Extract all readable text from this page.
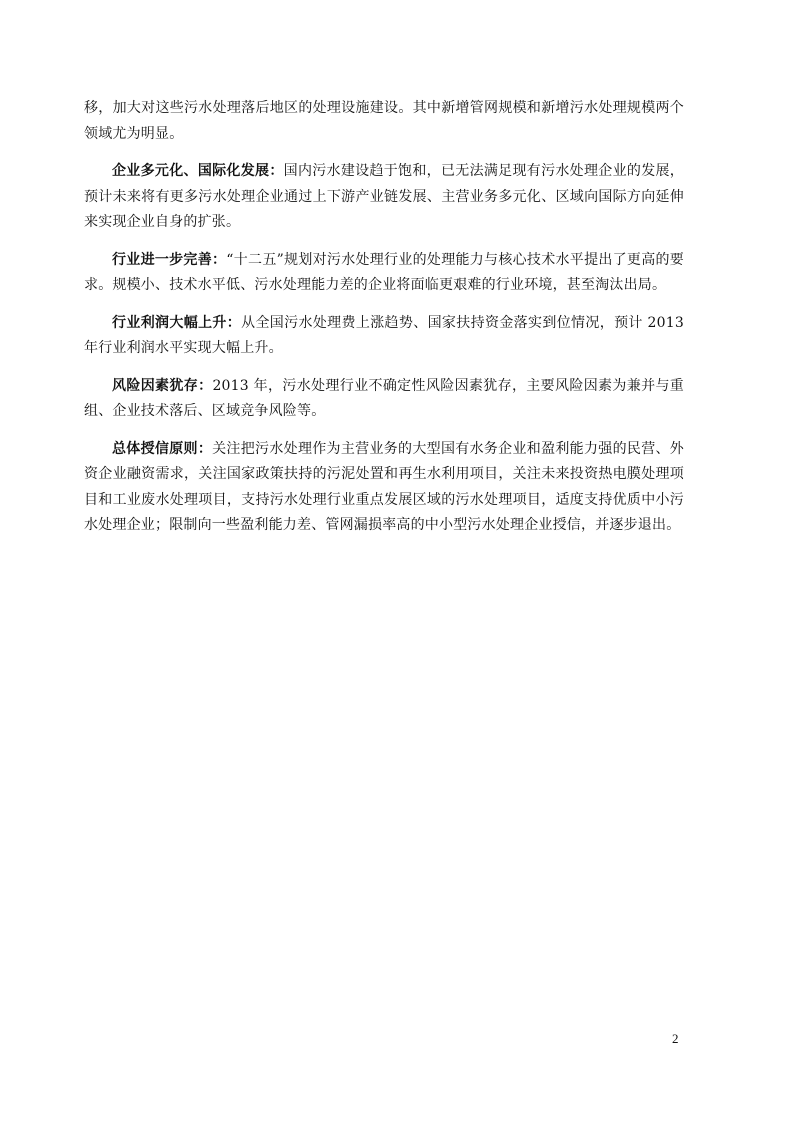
移，加大对这些污水处理落后地区的处理设施建设。其中新增管网规模和新增污水处理规模两个领域尤为明显。

企业多元化、国际化发展：国内污水建设趋于饱和，已无法满足现有污水处理企业的发展，预计未来将有更多污水处理企业通过上下游产业链发展、主营业务多元化、区域向国际方向延伸来实现企业自身的扩张。

行业进一步完善：“十二五”规划对污水处理行业的处理能力与核心技术水平提出了更高的要求。规模小、技术水平低、污水处理能力差的企业将面临更艰难的行业环境，甚至淘汰出局。

行业利润大幅上升：从全国污水处理费上涨趋势、国家扶持资金落实到位情况，预计 2013 年行业利润水平实现大幅上升。

风险因素犹存：2013 年，污水处理行业不确定性风险因素犹存，主要风险因素为兼并与重组、企业技术落后、区域竞争风险等。

总体授信原则：关注把污水处理作为主营业务的大型国有水务企业和盈利能力强的民营、外资企业融资需求，关注国家政策扶持的污泥处置和再生水利用项目，关注未来投资热电膜处理项目和工业废水处理项目，支持污水处理行业重点发展区域的污水处理项目，适度支持优质中小污水处理企业；限制向一些盈利能力差、管网漏损率高的中小型污水处理企业授信，并逐步退出。

2
